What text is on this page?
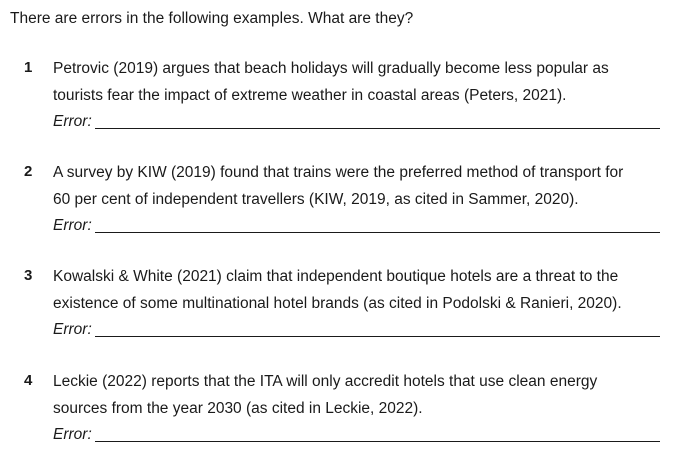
There are errors in the following examples. What are they?
1 Petrovic (2019) argues that beach holidays will gradually become less popular as
tourists fear the impact of extreme weather in coastal areas (Peters, 2021).
Error:
2 A survey by KIW (2019) found that trains were the preferred method of transport for
60 per cent of independent travellers (KIW, 2019, as cited in Sammer, 2020).
Error:
3 Kowalski & White (2021) claim that independent boutique hotels are a threat to the
existence of some multinational hotel brands (as cited in Podolski & Ranieri, 2020).
Error:
4 Leckie (2022) reports that the ITA will only accredit hotels that use clean energy
sources from the year 2030 (as cited in Leckie, 2022).
Error:
